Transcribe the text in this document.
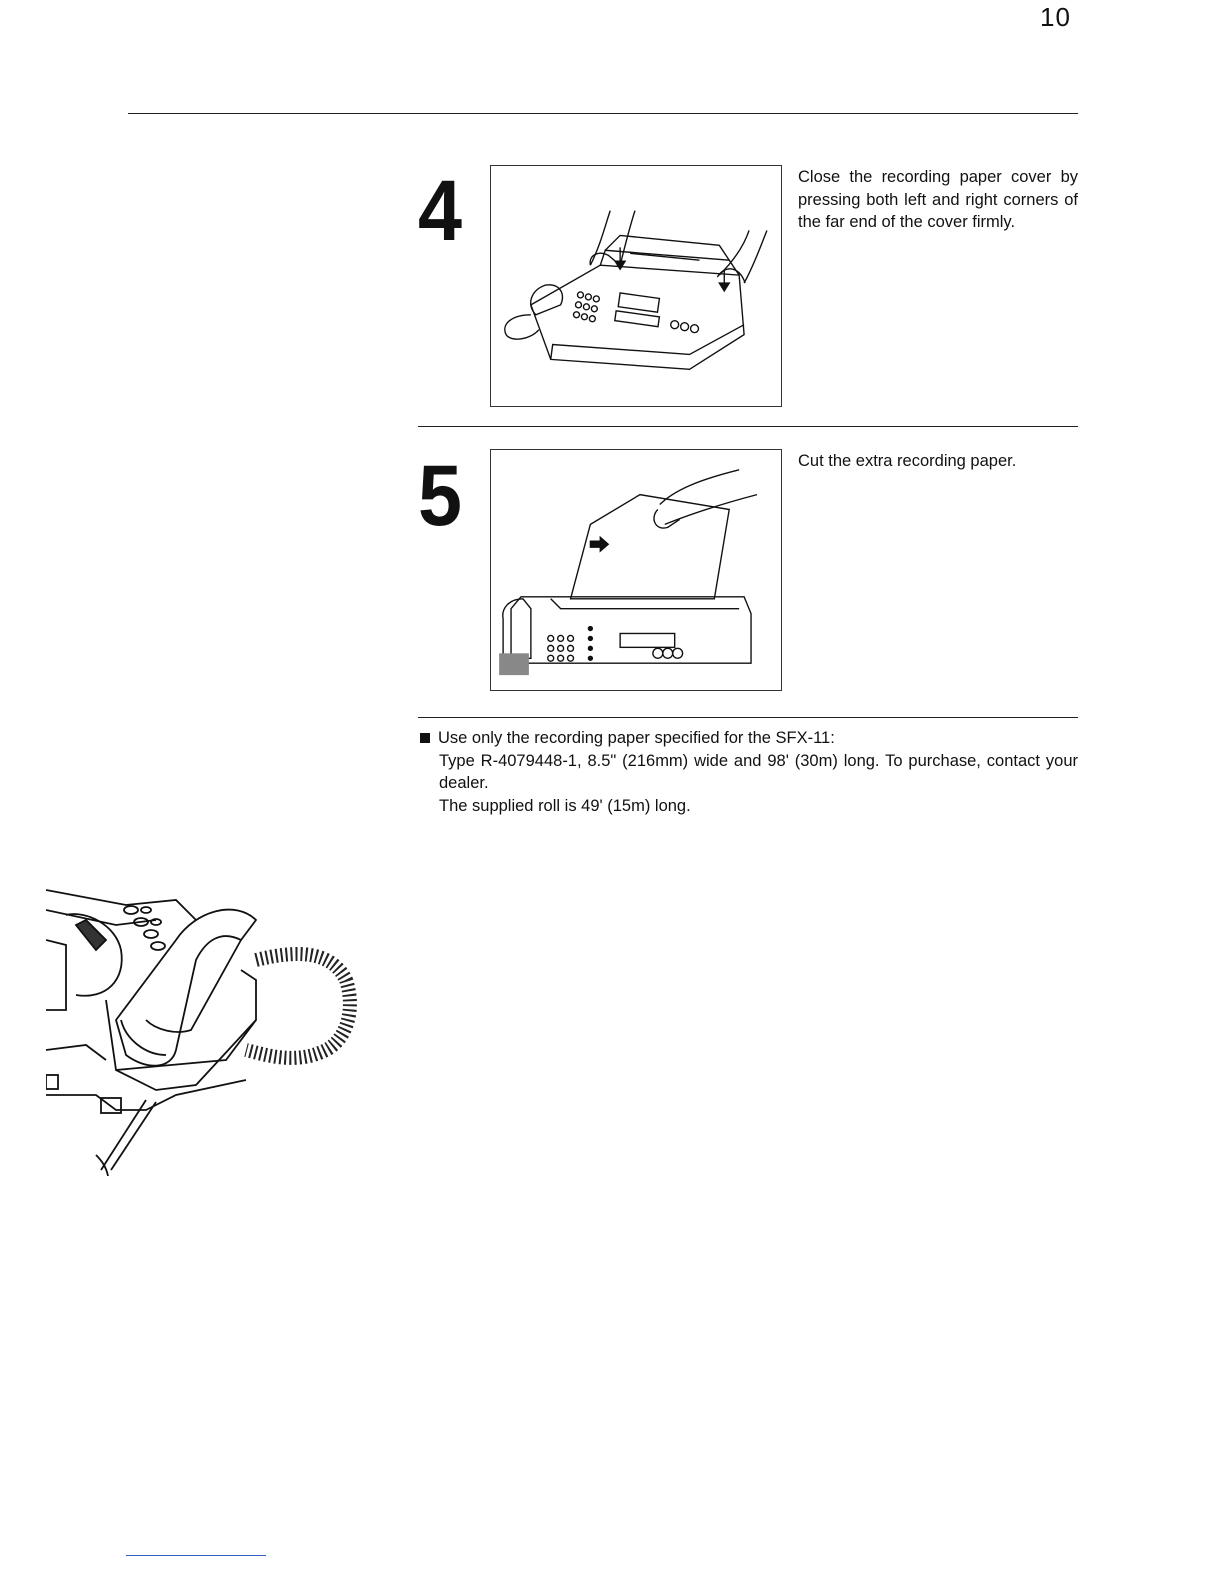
10
4	Close the recording paper cover by pressing both left and right corners of the far end of the cover firmly.
5	Cut the extra recording paper.

Use only the recording paper specified for the SFX-11:

Type R-4079448-1, 8.5" (216mm) wide and 98' (30m) long. To purchase, contact your dealer.

The supplied roll is 49' (15m) long.
